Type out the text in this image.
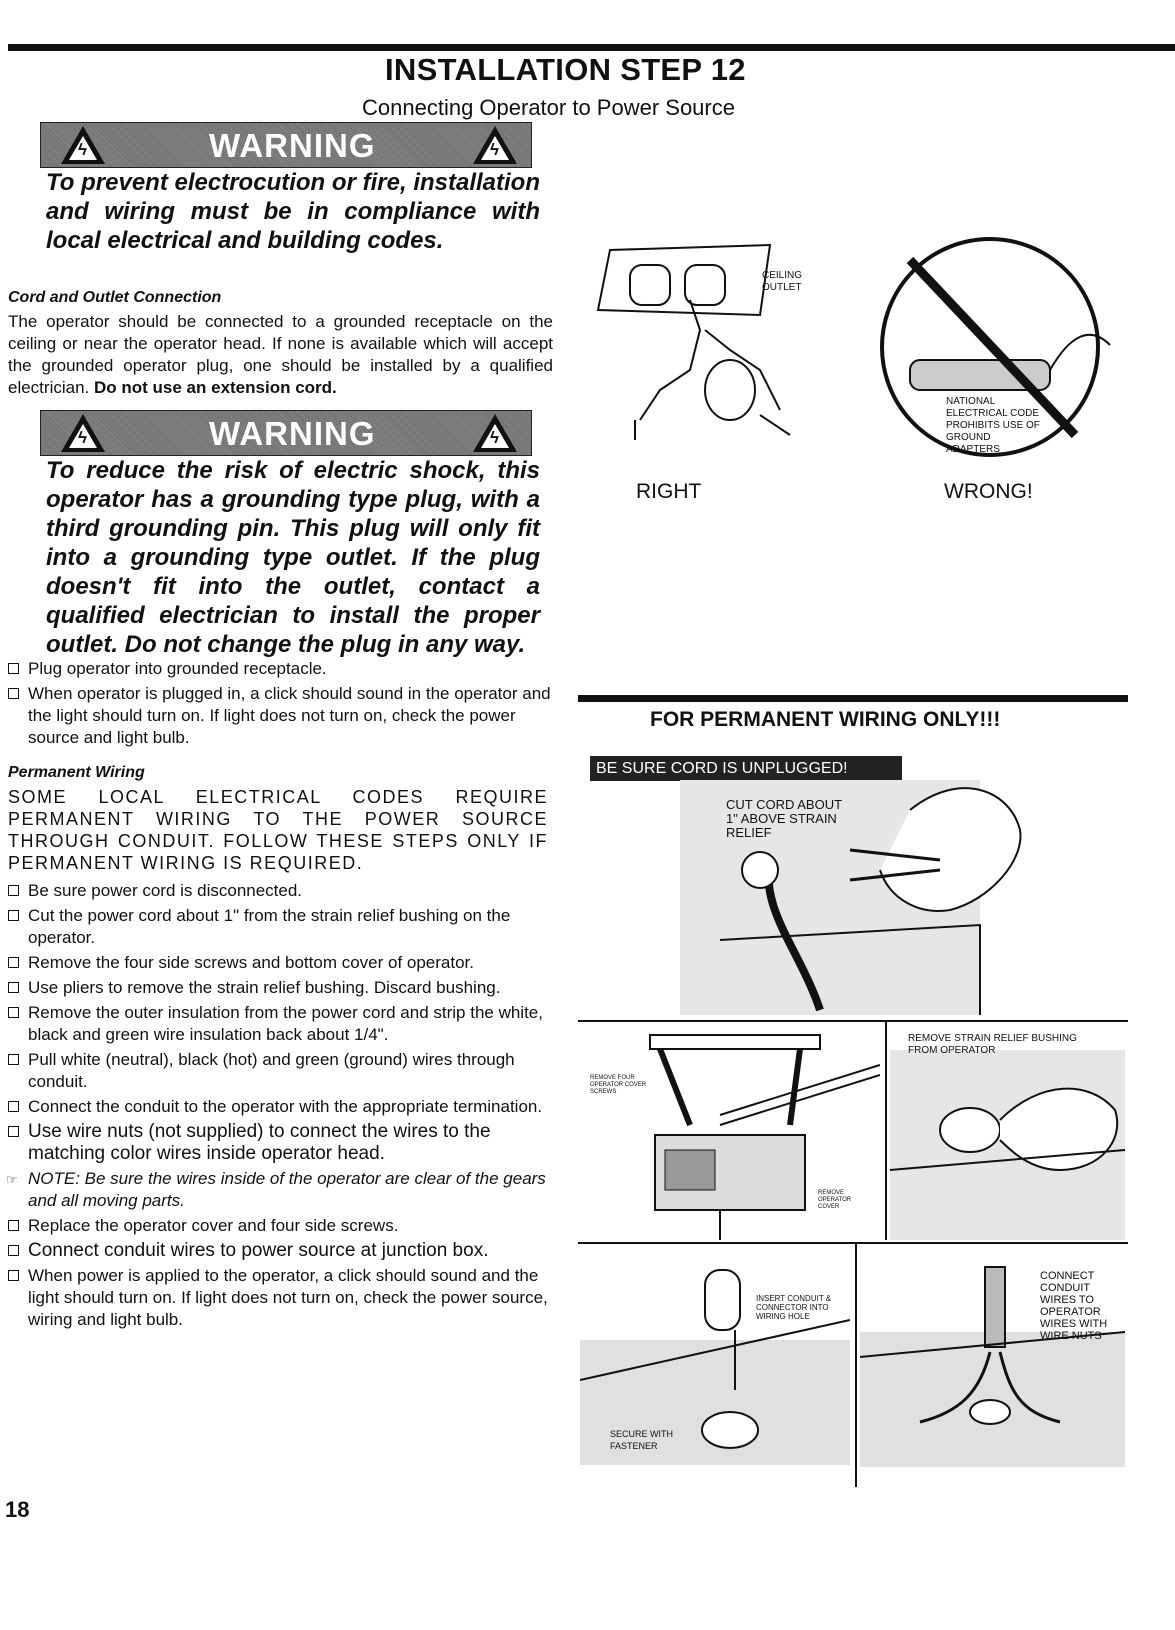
INSTALLATION STEP 12
Connecting Operator to Power Source
ϟ	WARNING	ϟ
To prevent electrocution or fire, installation and wiring must be in compliance with local electrical and building codes.
Cord and Outlet Connection
The operator should be connected to a grounded receptacle on the ceiling or near the operator head. If none is available which will accept the grounded operator plug, one should be installed by a qualified electrician. Do not use an extension cord.
ϟ	WARNING	ϟ
To reduce the risk of electric shock, this operator has a grounding type plug, with a third grounding pin. This plug will only fit into a grounding type outlet. If the plug doesn't fit into the outlet, contact a qualified electrician to install the proper outlet. Do not change the plug in any way.
Plug operator into grounded receptacle.
When operator is plugged in, a click should sound in the operator and the light should turn on. If light does not turn on, check the power source and light bulb.
Permanent Wiring
SOME LOCAL ELECTRICAL CODES REQUIRE PERMANENT WIRING TO THE POWER SOURCE THROUGH CONDUIT. FOLLOW THESE STEPS ONLY IF PERMANENT WIRING IS REQUIRED.
Be sure power cord is disconnected.
Cut the power cord about 1" from the strain relief bushing on the operator.
Remove the four side screws and bottom cover of operator.
Use pliers to remove the strain relief bushing. Discard bushing.
Remove the outer insulation from the power cord and strip the white, black and green wire insulation back about 1/4".
Pull white (neutral), black (hot) and green (ground) wires through conduit.
Connect the conduit to the operator with the appropriate termination.
Use wire nuts (not supplied) to connect the wires to the matching color wires inside operator head.
☞ NOTE: Be sure the wires inside of the operator are clear of the gears and all moving parts.
Replace the operator cover and four side screws.
Connect conduit wires to power source at junction box.
When power is applied to the operator, a click should sound and the light should turn on. If light does not turn on, check the power source, wiring and light bulb.
18
CEILING OUTLET
RIGHT
NATIONAL ELECTRICAL CODE PROHIBITS USE OF GROUND ADAPTERS
WRONG!
FOR PERMANENT WIRING ONLY!!!
BE SURE CORD IS UNPLUGGED!
CUT CORD ABOUT 1" ABOVE STRAIN RELIEF
REMOVE FOUR OPERATOR COVER SCREWS
REMOVE OPERATOR COVER
REMOVE STRAIN RELIEF BUSHING FROM OPERATOR
INSERT CONDUIT & CONNECTOR INTO WIRING HOLE
SECURE WITH FASTENER
CONNECT CONDUIT WIRES TO OPERATOR WIRES WITH WIRE NUTS
